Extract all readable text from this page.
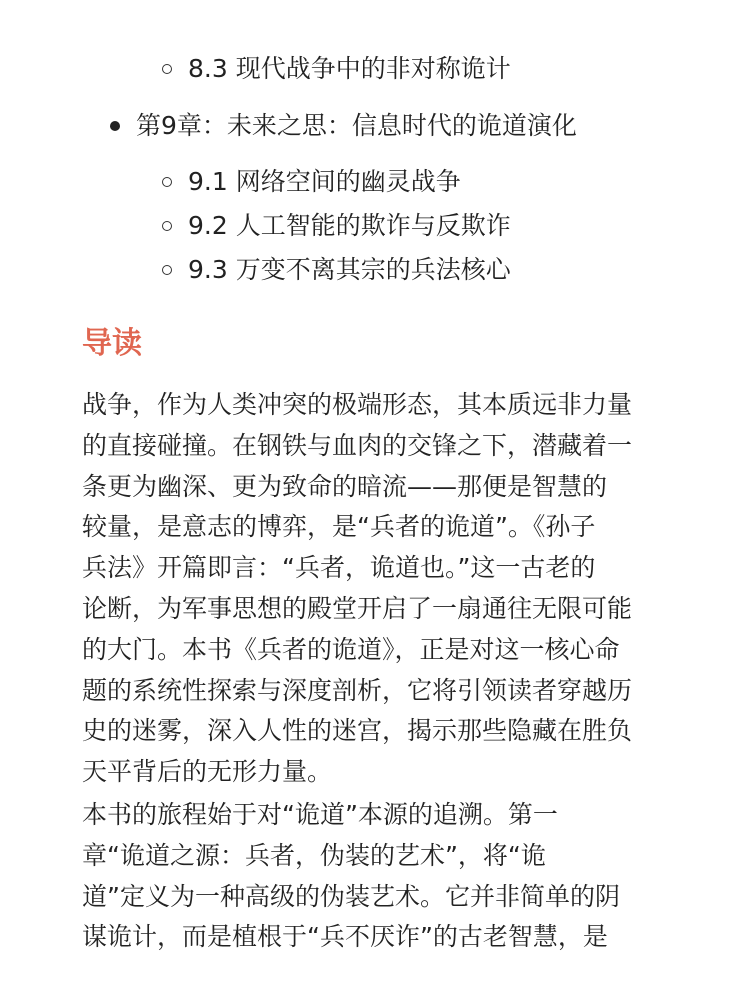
8.3 现代战争中的非对称诡计
第9章：未来之思：信息时代的诡道演化
9.1 网络空间的幽灵战争
9.2 人工智能的欺诈与反欺诈
9.3 万变不离其宗的兵法核心
导读

战争，作为人类冲突的极端形态，其本质远非力量
的直接碰撞。在钢铁与血肉的交锋之下，潜藏着一
条更为幽深、更为致命的暗流——那便是智慧的
较量，是意志的博弈，是“兵者的诡道”。《孙子
兵法》开篇即言：“兵者，诡道也。”这一古老的
论断，为军事思想的殿堂开启了一扇通往无限可能
的大门。本书《兵者的诡道》，正是对这一核心命
题的系统性探索与深度剖析，它将引领读者穿越历
史的迷雾，深入人性的迷宫，揭示那些隐藏在胜负
天平背后的无形力量。

本书的旅程始于对“诡道”本源的追溯。第一
章“诡道之源：兵者，伪装的艺术”，将“诡
道”定义为一种高级的伪装艺术。它并非简单的阴
谋诡计，而是植根于“兵不厌诈”的古老智慧，是
